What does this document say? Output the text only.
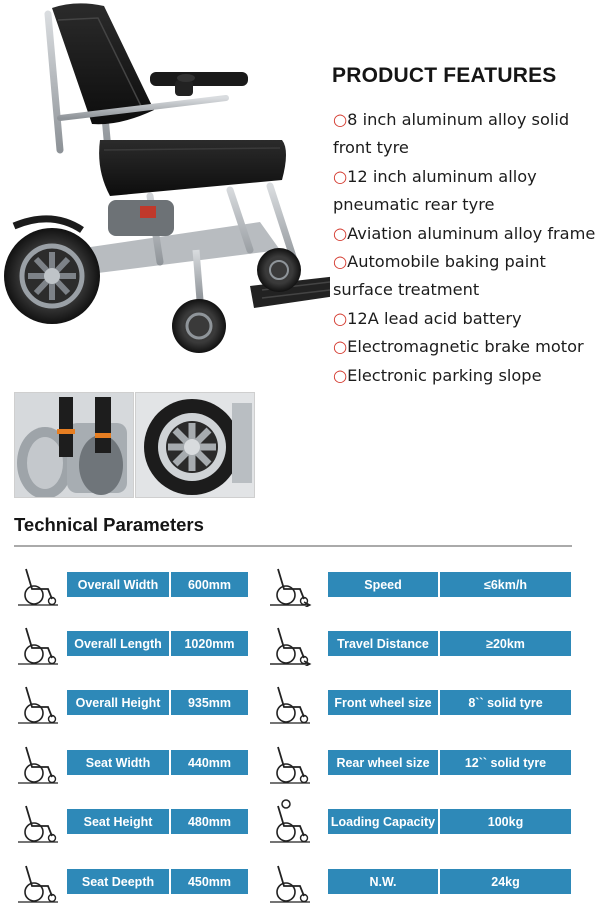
PRODUCT FEATURES
○8 inch aluminum alloy solid front tyre
○12 inch aluminum alloy pneumatic rear tyre
○Aviation aluminum alloy frame
○Automobile baking paint surface treatment
○12A lead acid battery
○Electromagnetic brake motor
○Electronic parking slope
Technical Parameters
Overall Width	600mm
Overall Length	1020mm
Overall Height	935mm
Seat Width	440mm
Seat Height	480mm
Seat Deepth	450mm
Speed	≤6km/h
Travel Distance	≥20km
Front wheel size	8`` solid tyre
Rear wheel size	12`` solid tyre
Loading Capacity	100kg
N.W.	24kg
